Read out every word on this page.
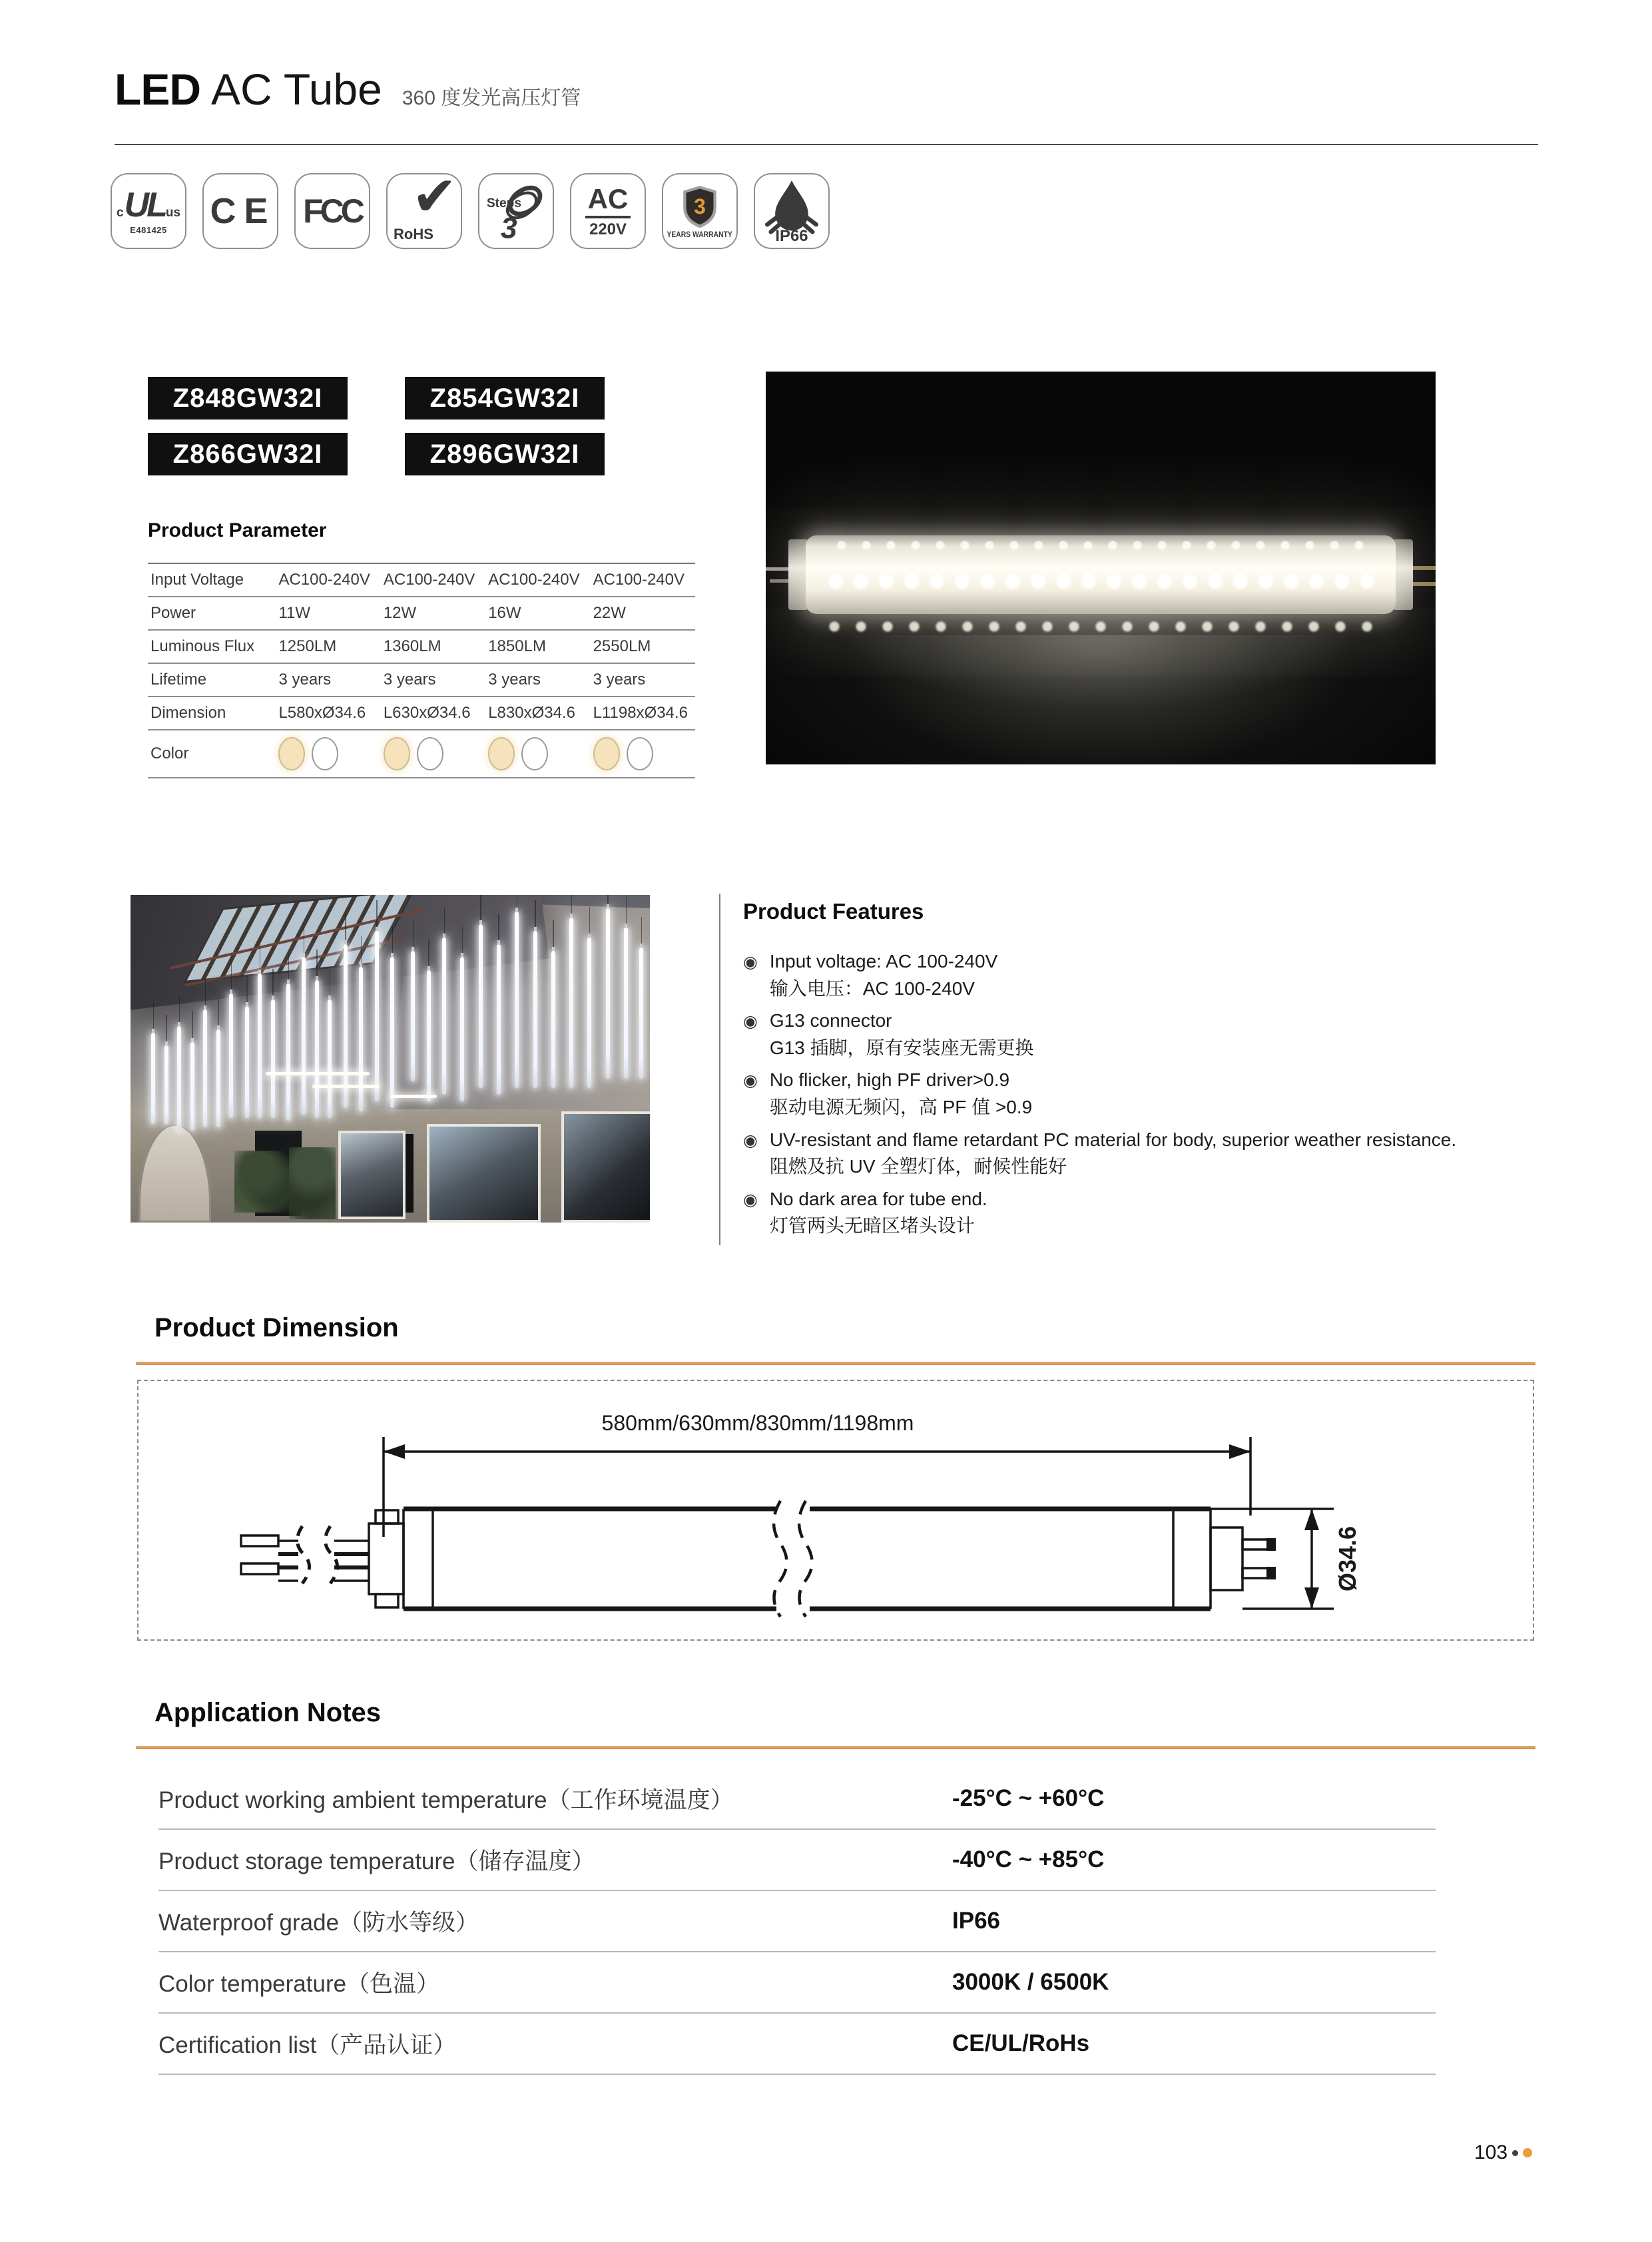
LED AC Tube 360 度发光高压灯管
c UL us
E481425	CE FCC ✔
RoHS
Steps
3
AC
220V
3
YEARS WARRANTY IP66
Z848GW32I	Z854GW32I
Z866GW32I	Z896GW32I
Product Parameter
Input Voltage	AC100-240V	AC100-240V	AC100-240V	AC100-240V
Power	11W	12W	16W	22W
Luminous Flux	1250LM	1360LM	1850LM	2550LM
Lifetime	3 years	3 years	3 years	3 years
Dimension	L580xØ34.6	L630xØ34.6	L830xØ34.6	L1198xØ34.6
Color				
Product Features
◉ Input voltage: AC 100-240V
输入电压：AC 100-240V
◉ G13 connector
G13 插脚，原有安装座无需更换
◉ No flicker, high PF driver>0.9
驱动电源无频闪，高 PF 值 >0.9
◉ UV-resistant and flame retardant PC material for body, superior weather resistance.
阻燃及抗 UV 全塑灯体，耐候性能好
◉ No dark area for tube end.
灯管两头无暗区堵头设计
Product Dimension
580mm/630mm/830mm/1198mm
Ø34.6
Application Notes
Product working ambient temperature（工作环境温度）	-25°C ~ +60°C
Product storage temperature（储存温度）	-40°C ~ +85°C
Waterproof grade（防水等级）	IP66
Color temperature（色温）	3000K / 6500K
Certification list（产品认证）	CE/UL/RoHs
103
